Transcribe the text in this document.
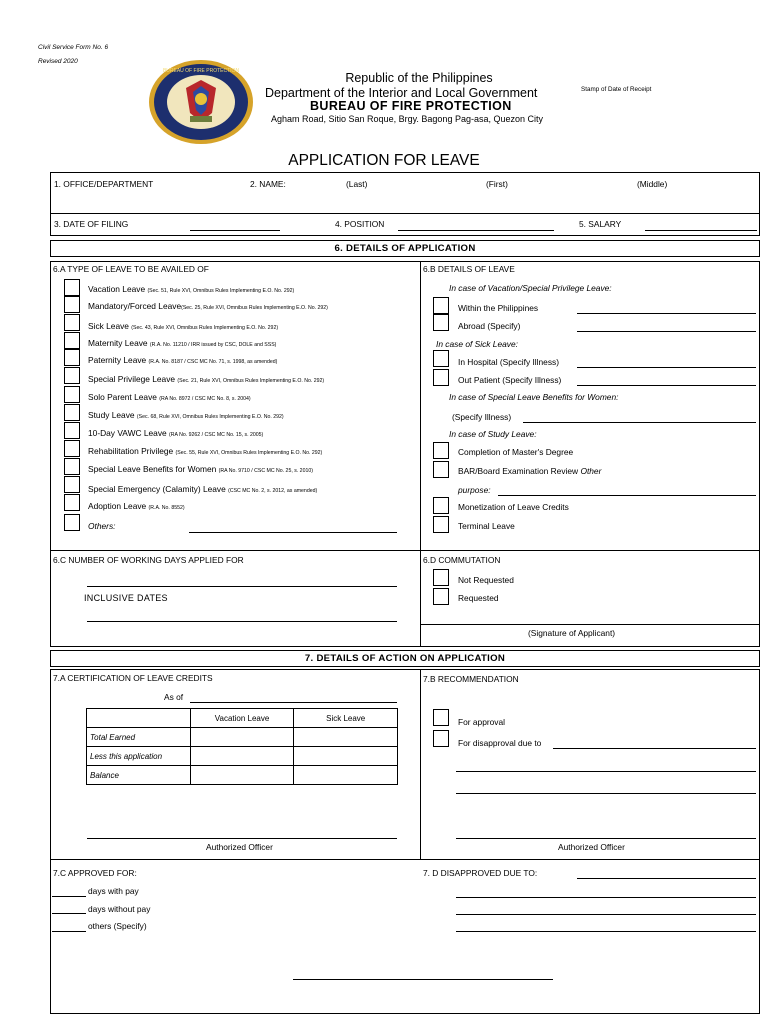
Civil Service Form No. 6
Revised 2020
BUREAU OF FIRE PROTECTION	Republic of the Philippines
Department of the Interior and Local Government
BUREAU OF FIRE PROTECTION
Agham Road, Sitio San Roque, Brgy. Bagong Pag-asa, Quezon City
Stamp of Date of Receipt
APPLICATION FOR LEAVE
1. OFFICE/DEPARTMENT	2. NAME:	(Last)	(First)	(Middle)
3. DATE OF FILING	4. POSITION	5. SALARY
6. DETAILS OF APPLICATION
6.A TYPE OF LEAVE TO BE AVAILED OF
Vacation Leave (Sec. 51, Rule XVI, Omnibus Rules Implementing E.O. No. 292)
Mandatory/Forced Leave(Sec. 25, Rule XVI, Omnibus Rules Implementing E.O. No. 292)
Sick Leave (Sec. 43, Rule XVI, Omnibus Rules Implementing E.O. No. 292)
Maternity Leave (R.A. No. 11210 / IRR issued by CSC, DOLE and SSS)
Paternity Leave (R.A. No. 8187 / CSC MC No. 71, s. 1998, as amended)
Special Privilege Leave (Sec. 21, Rule XVI, Omnibus Rules Implementing E.O. No. 292)
Solo Parent Leave (RA No. 8972 / CSC MC No. 8, s. 2004)
Study Leave (Sec. 68, Rule XVI, Omnibus Rules Implementing E.O. No. 292)
10-Day VAWC Leave (RA No. 9262 / CSC MC No. 15, s. 2005)
Rehabilitation Privilege (Sec. 55, Rule XVI, Omnibus Rules Implementing E.O. No. 292)
Special Leave Benefits for Women (RA No. 9710 / CSC MC No. 25, s. 2010)
Special Emergency (Calamity) Leave (CSC MC No. 2, s. 2012, as amended)
Adoption Leave (R.A. No. 8552)
Others:
6.B DETAILS OF LEAVE
In case of Vacation/Special Privilege Leave:
Within the Philippines
Abroad (Specify)
In case of Sick Leave:
In Hospital (Specify Illness)
Out Patient (Specify Illness)
In case of Special Leave Benefits for Women:
(Specify Illness)
In case of Study Leave:
Completion of Master's Degree
BAR/Board Examination Review Other
purpose:
Monetization of Leave Credits
Terminal Leave
6.C NUMBER OF WORKING DAYS APPLIED FOR
INCLUSIVE DATES
6.D COMMUTATION
Not Requested
Requested
(Signature of Applicant)
7. DETAILS OF ACTION ON APPLICATION
7.A CERTIFICATION OF LEAVE CREDITS
As of
	Vacation Leave	Sick Leave
Total Earned		
Less this application		
Balance		
Authorized Officer
7.B RECOMMENDATION
For approval
For disapproval due to
Authorized Officer
7.C APPROVED FOR:
days with pay
days without pay
others (Specify)
7. D DISAPPROVED DUE TO:
